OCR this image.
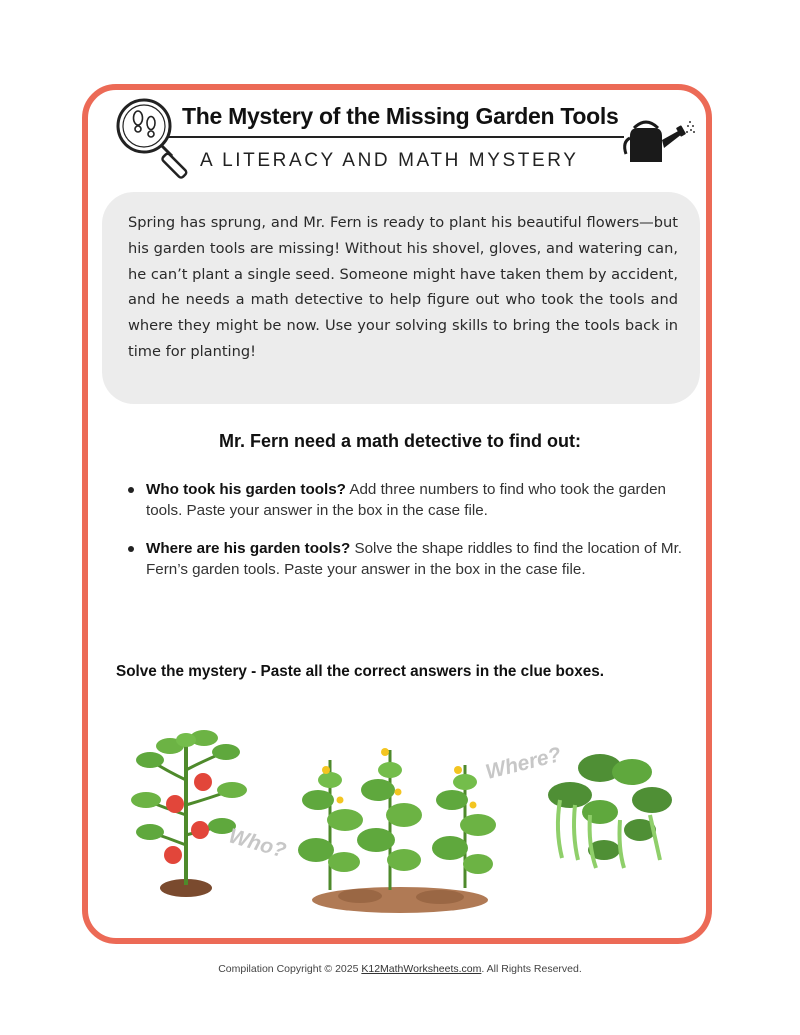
The Mystery of the Missing Garden Tools
A LITERACY AND MATH MYSTERY
Spring has sprung, and Mr. Fern is ready to plant his beautiful flowers—but his garden tools are missing! Without his shovel, gloves, and watering can, he can’t plant a single seed. Someone might have taken them by accident, and he needs a math detective to help figure out who took the tools and where they might be now. Use your solving skills to bring the tools back in time for planting!
Mr. Fern need a math detective to find out:
Who took his garden tools? Add three numbers to find who took the garden tools. Paste your answer in the box in the case file.
Where are his garden tools? Solve the shape riddles to find the location of Mr. Fern’s garden tools. Paste your answer in the box in the case file.
Solve the mystery - Paste all the correct answers in the clue boxes.
Who?
Where?
Compilation Copyright © 2025 K12MathWorksheets.com. All Rights Reserved.
